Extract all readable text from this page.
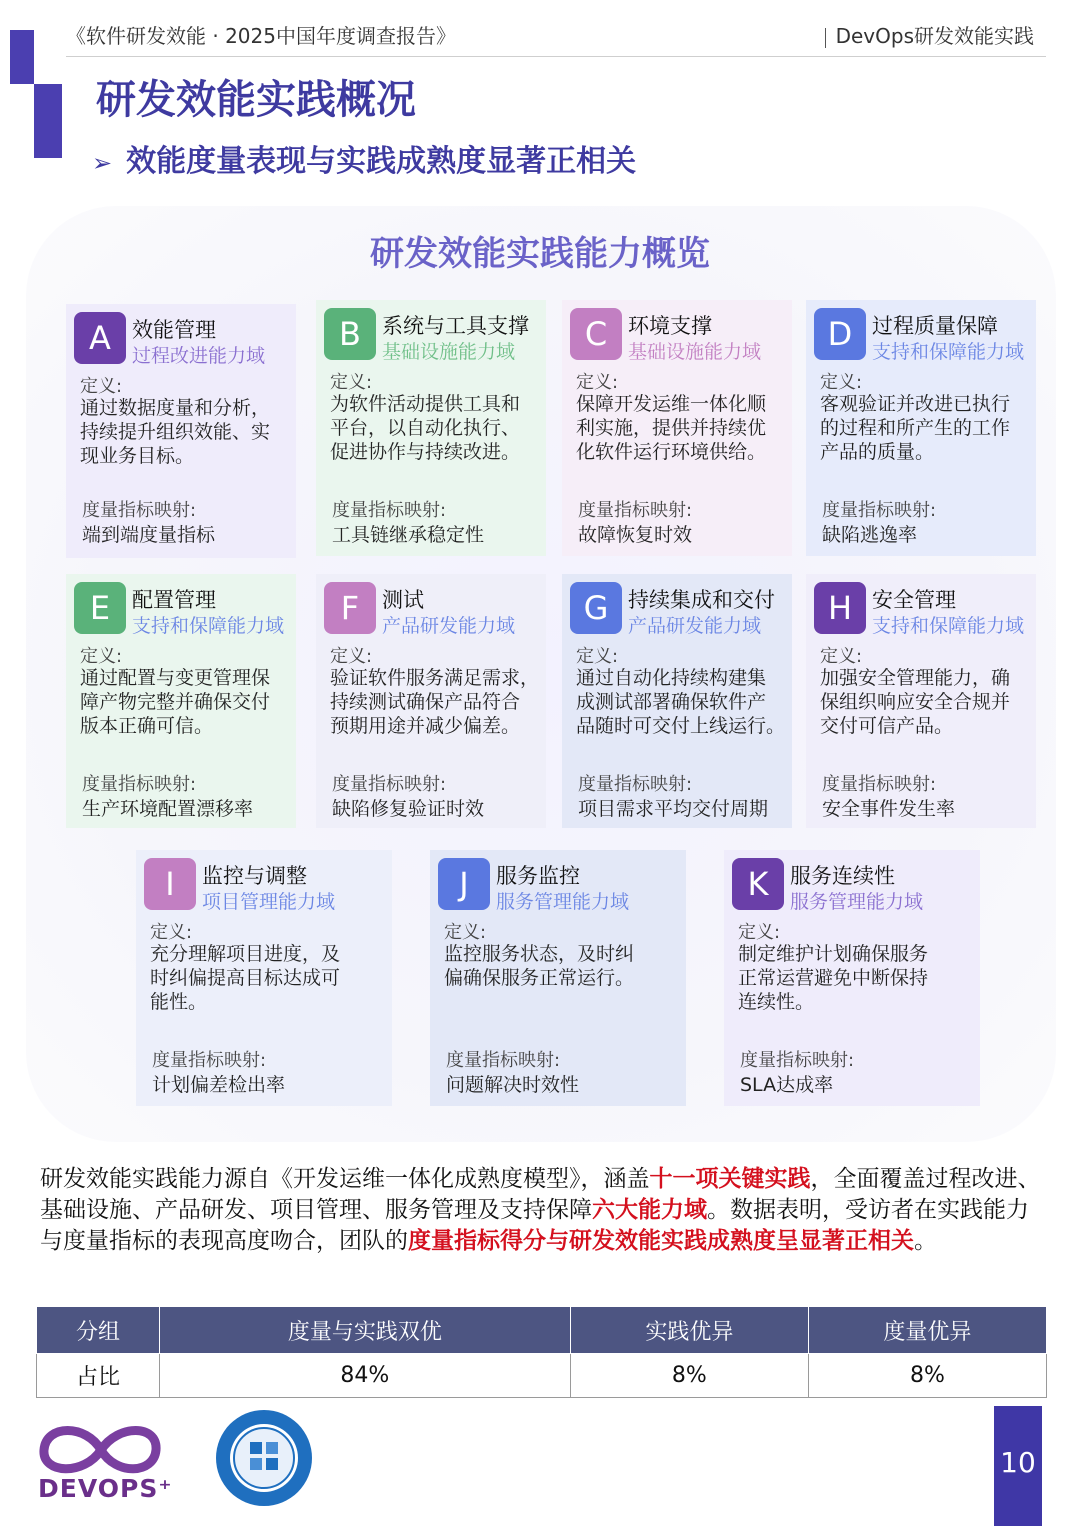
《软件研发效能 · 2025中国年度调查报告》	DevOps研发效能实践
研发效能实践概况
➢ 效能度量表现与实践成熟度显著正相关
研发效能实践能力概览
A	效能管理
过程改进能力域
定义:
通过数据度量和分析，
持续提升组织效能、实
现业务目标。
度量指标映射:
端到端度量指标
B	系统与工具支撑
基础设施能力域
定义:
为软件活动提供工具和
平台，以自动化执行、
促进协作与持续改进。
度量指标映射:
工具链继承稳定性
C 环境支撑
基础设施能力域
定义:
保障开发运维一体化顺
利实施，提供并持续优
化软件运行环境供给。
度量指标映射:
故障恢复时效
D 过程质量保障
支持和保障能力域
定义:
客观验证并改进已执行
的过程和所产生的工作
产品的质量。
度量指标映射:
缺陷逃逸率
E	配置管理
支持和保障能力域
定义:
通过配置与变更管理保
障产物完整并确保交付
版本正确可信。
度量指标映射:
生产环境配置漂移率
F	测试
产品研发能力域
定义:
验证软件服务满足需求，
持续测试确保产品符合
预期用途并减少偏差。
度量指标映射:
缺陷修复验证时效
G 持续集成和交付
产品研发能力域
定义:
通过自动化持续构建集
成测试部署确保软件产
品随时可交付上线运行。
度量指标映射:
项目需求平均交付周期
H 安全管理
支持和保障能力域
定义:
加强安全管理能力，确
保组织响应安全合规并
交付可信产品。
度量指标映射:
安全事件发生率
I	监控与调整
项目管理能力域
定义:
充分理解项目进度，及
时纠偏提高目标达成可
能性。
度量指标映射:
计划偏差检出率
J	服务监控
服务管理能力域
定义:
监控服务状态，及时纠
偏确保服务正常运行。
度量指标映射:
问题解决时效性
K	服务连续性
服务管理能力域
定义:
制定维护计划确保服务
正常运营避免中断保持
连续性。
度量指标映射:
SLA达成率
研发效能实践能力源自《开发运维一体化成熟度模型》，涵盖十一项关键实践，全面覆盖过程改进、基础设施、产品研发、项目管理、服务管理及支持保障六大能力域。数据表明，受访者在实践能力与度量指标的表现高度吻合，团队的度量指标得分与研发效能实践成熟度呈显著正相关。
分组	度量与实践双优	实践优异	度量优异
占比	84%	8%	8%
DEVOPS⁺
10
